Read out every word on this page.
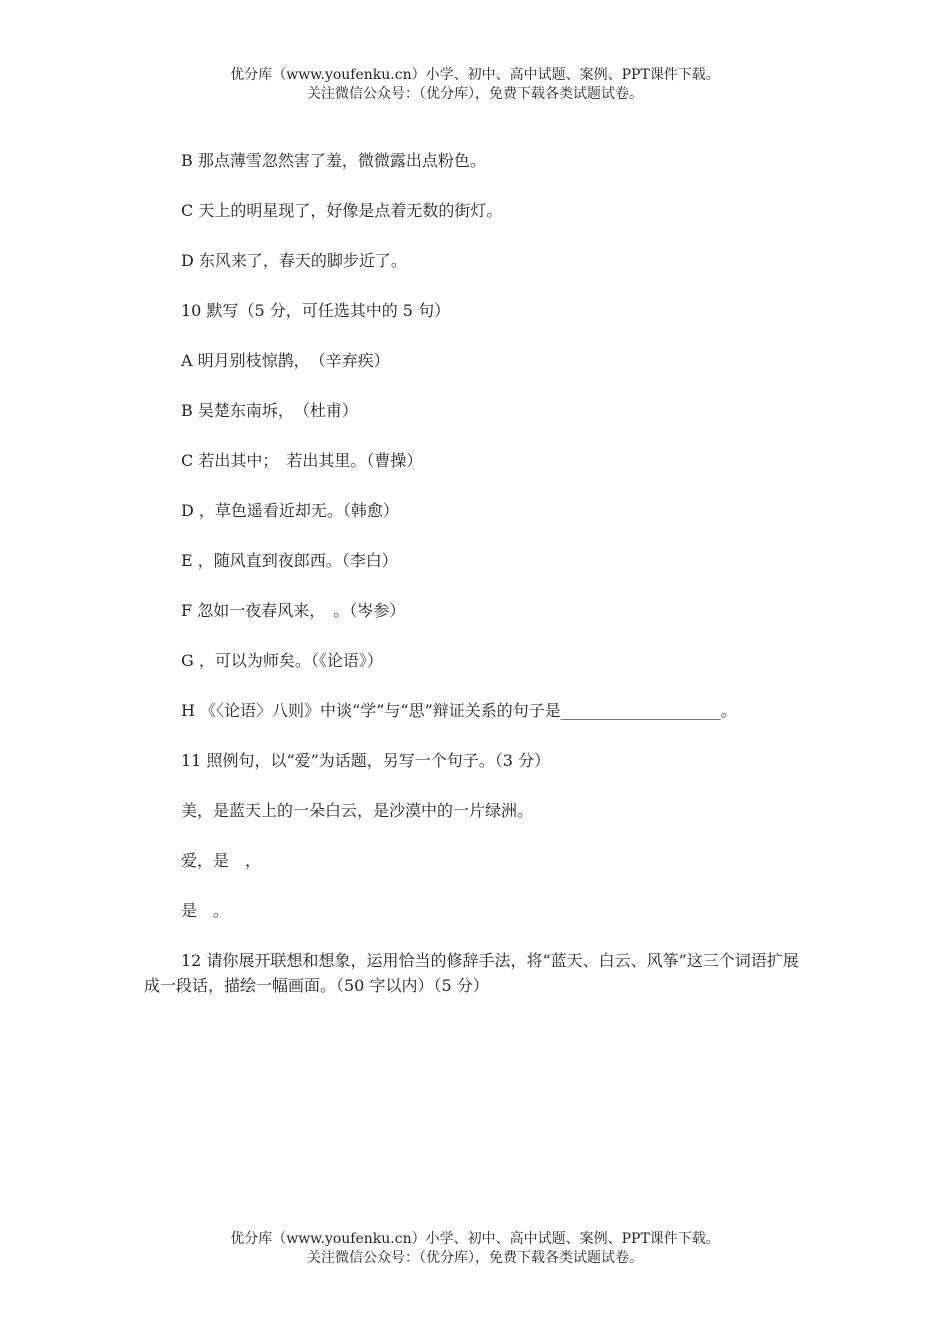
优分库（www.youfenku.cn）小学、初中、高中试题、案例、PPT课件下载。
关注微信公众号：（优分库），免费下载各类试题试卷。

B 那点薄雪忽然害了羞，微微露出点粉色。

C 天上的明星现了，好像是点着无数的街灯。

D 东风来了，春天的脚步近了。

10 默写（5 分，可任选其中的 5 句）

A 明月别枝惊鹊，　（辛弃疾）

B 吴楚东南坼，　（杜甫）

C 若出其中；　若出其里。（曹操）

D ，草色遥看近却无。（韩愈）

E ，随风直到夜郎西。（李白）

F 忽如一夜春风来，　。（岑参）

G ，可以为师矣。（《论语》）

H 《〈论语〉八则》中谈“学”与“思”辩证关系的句子是____________________。

11 照例句，以“爱”为话题，另写一个句子。（3 分）

美，是蓝天上的一朵白云，是沙漠中的一片绿洲。

爱，是　，

是　。

12 请你展开联想和想象，运用恰当的修辞手法，将“蓝天、白云、风筝”这三个词语扩展成一段话，描绘一幅画面。（50 字以内）（5 分）

优分库（www.youfenku.cn）小学、初中、高中试题、案例、PPT课件下载。
关注微信公众号：（优分库），免费下载各类试题试卷。
